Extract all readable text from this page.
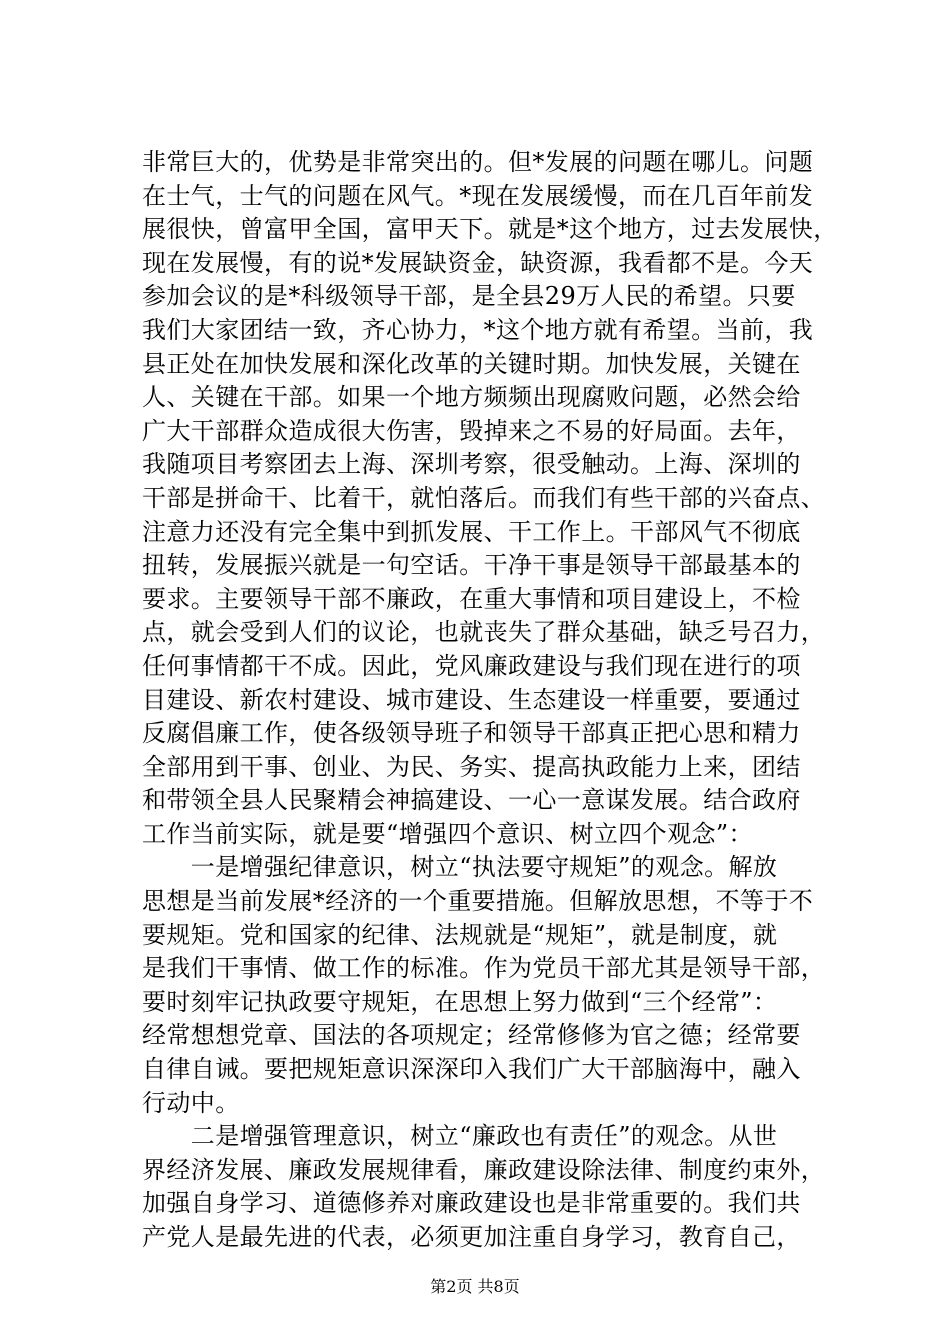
非常巨大的，优势是非常突出的。但*发展的问题在哪儿。问题
在士气，士气的问题在风气。*现在发展缓慢，而在几百年前发
展很快，曾富甲全国，富甲天下。就是*这个地方，过去发展快，
现在发展慢，有的说*发展缺资金，缺资源，我看都不是。今天
参加会议的是*科级领导干部，是全县29万人民的希望。只要
我们大家团结一致，齐心协力，*这个地方就有希望。当前，我
县正处在加快发展和深化改革的关键时期。加快发展，关键在
人、关键在干部。如果一个地方频频出现腐败问题，必然会给
广大干部群众造成很大伤害，毁掉来之不易的好局面。去年，
我随项目考察团去上海、深圳考察，很受触动。上海、深圳的
干部是拼命干、比着干，就怕落后。而我们有些干部的兴奋点、
注意力还没有完全集中到抓发展、干工作上。干部风气不彻底
扭转，发展振兴就是一句空话。干净干事是领导干部最基本的
要求。主要领导干部不廉政，在重大事情和项目建设上，不检
点，就会受到人们的议论，也就丧失了群众基础，缺乏号召力，
任何事情都干不成。因此，党风廉政建设与我们现在进行的项
目建设、新农村建设、城市建设、生态建设一样重要，要通过
反腐倡廉工作，使各级领导班子和领导干部真正把心思和精力
全部用到干事、创业、为民、务实、提高执政能力上来，团结
和带领全县人民聚精会神搞建设、一心一意谋发展。结合政府
工作当前实际，就是要“增强四个意识、树立四个观念”：
　　一是增强纪律意识，树立“执法要守规矩”的观念。解放
思想是当前发展*经济的一个重要措施。但解放思想，不等于不
要规矩。党和国家的纪律、法规就是“规矩”，就是制度，就
是我们干事情、做工作的标准。作为党员干部尤其是领导干部，
要时刻牢记执政要守规矩，在思想上努力做到“三个经常”：
经常想想党章、国法的各项规定；经常修修为官之德；经常要
自律自诫。要把规矩意识深深印入我们广大干部脑海中，融入
行动中。
　　二是增强管理意识，树立“廉政也有责任”的观念。从世
界经济发展、廉政发展规律看，廉政建设除法律、制度约束外，
加强自身学习、道德修养对廉政建设也是非常重要的。我们共
产党人是最先进的代表，必须更加注重自身学习，教育自己，
第2页 共8页
